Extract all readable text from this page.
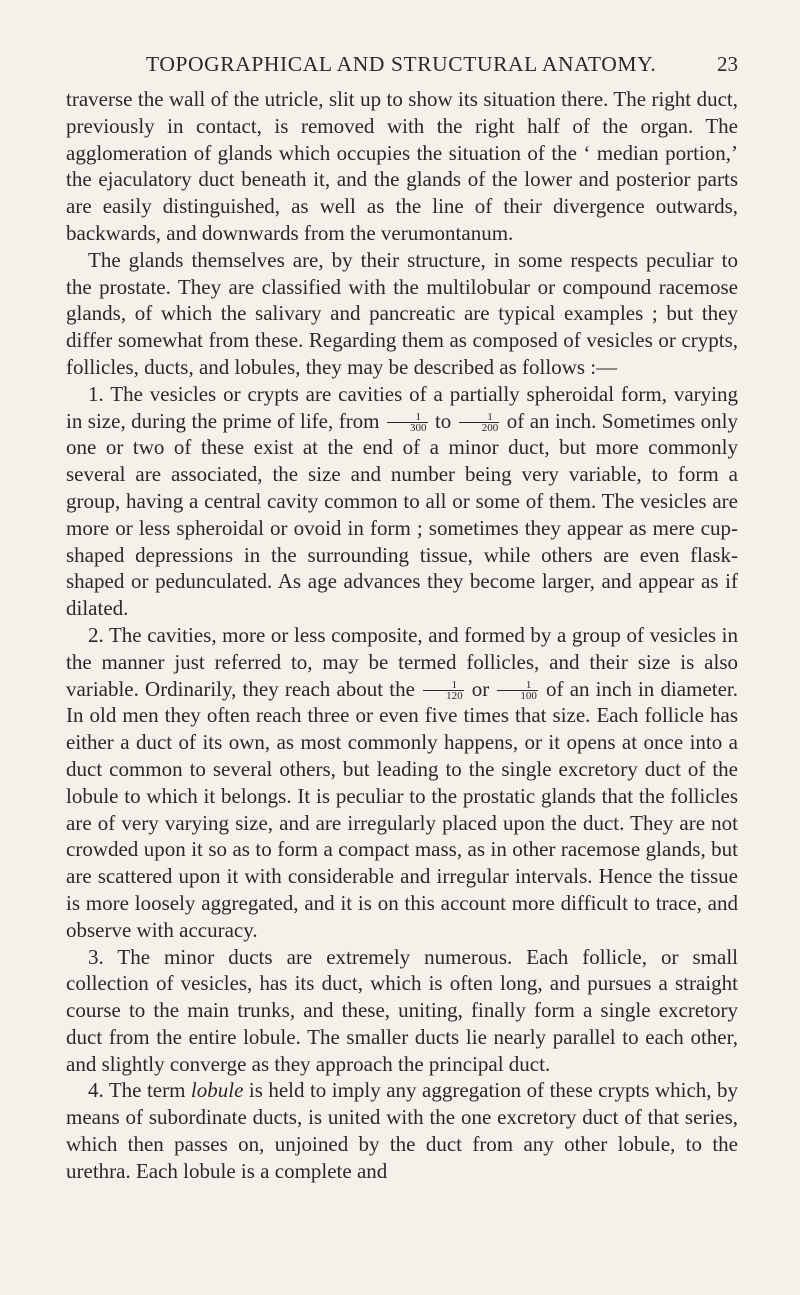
TOPOGRAPHICAL AND STRUCTURAL ANATOMY.	23

traverse the wall of the utricle, slit up to show its situation there. The right duct, previously in contact, is removed with the right half of the organ. The agglomeration of glands which occupies the situation of the ‘ median portion,’ the ejaculatory duct beneath it, and the glands of the lower and posterior parts are easily distinguished, as well as the line of their divergence outwards, backwards, and downwards from the verumontanum.

The glands themselves are, by their structure, in some respects peculiar to the prostate. They are classified with the multilobular or compound racemose glands, of which the salivary and pancreatic are typical examples ; but they differ somewhat from these. Regarding them as composed of vesicles or crypts, follicles, ducts, and lobules, they may be described as follows :—

1. The vesicles or crypts are cavities of a partially spheroidal form, varying in size, during the prime of life, from $\frac{1}{300}$ to $\frac{1}{200}$ of an inch. Sometimes only one or two of these exist at the end of a minor duct, but more commonly several are associated, the size and number being very variable, to form a group, having a central cavity common to all or some of them. The vesicles are more or less spheroidal or ovoid in form ; sometimes they appear as mere cup-shaped depressions in the surrounding tissue, while others are even flask-shaped or pedunculated. As age advances they become larger, and appear as if dilated.

2. The cavities, more or less composite, and formed by a group of vesicles in the manner just referred to, may be termed follicles, and their size is also variable. Ordinarily, they reach about the $\frac{1}{120}$ or $\frac{1}{100}$ of an inch in diameter. In old men they often reach three or even five times that size. Each follicle has either a duct of its own, as most commonly happens, or it opens at once into a duct common to several others, but leading to the single excretory duct of the lobule to which it belongs. It is peculiar to the prostatic glands that the follicles are of very varying size, and are irregularly placed upon the duct. They are not crowded upon it so as to form a compact mass, as in other racemose glands, but are scattered upon it with considerable and irregular intervals. Hence the tissue is more loosely aggregated, and it is on this account more difficult to trace, and observe with accuracy.

3. The minor ducts are extremely numerous. Each follicle, or small collection of vesicles, has its duct, which is often long, and pursues a straight course to the main trunks, and these, uniting, finally form a single excretory duct from the entire lobule. The smaller ducts lie nearly parallel to each other, and slightly converge as they approach the principal duct.

4. The term lobule is held to imply any aggregation of these crypts which, by means of subordinate ducts, is united with the one excretory duct of that series, which then passes on, unjoined by the duct from any other lobule, to the urethra. Each lobule is a complete and
